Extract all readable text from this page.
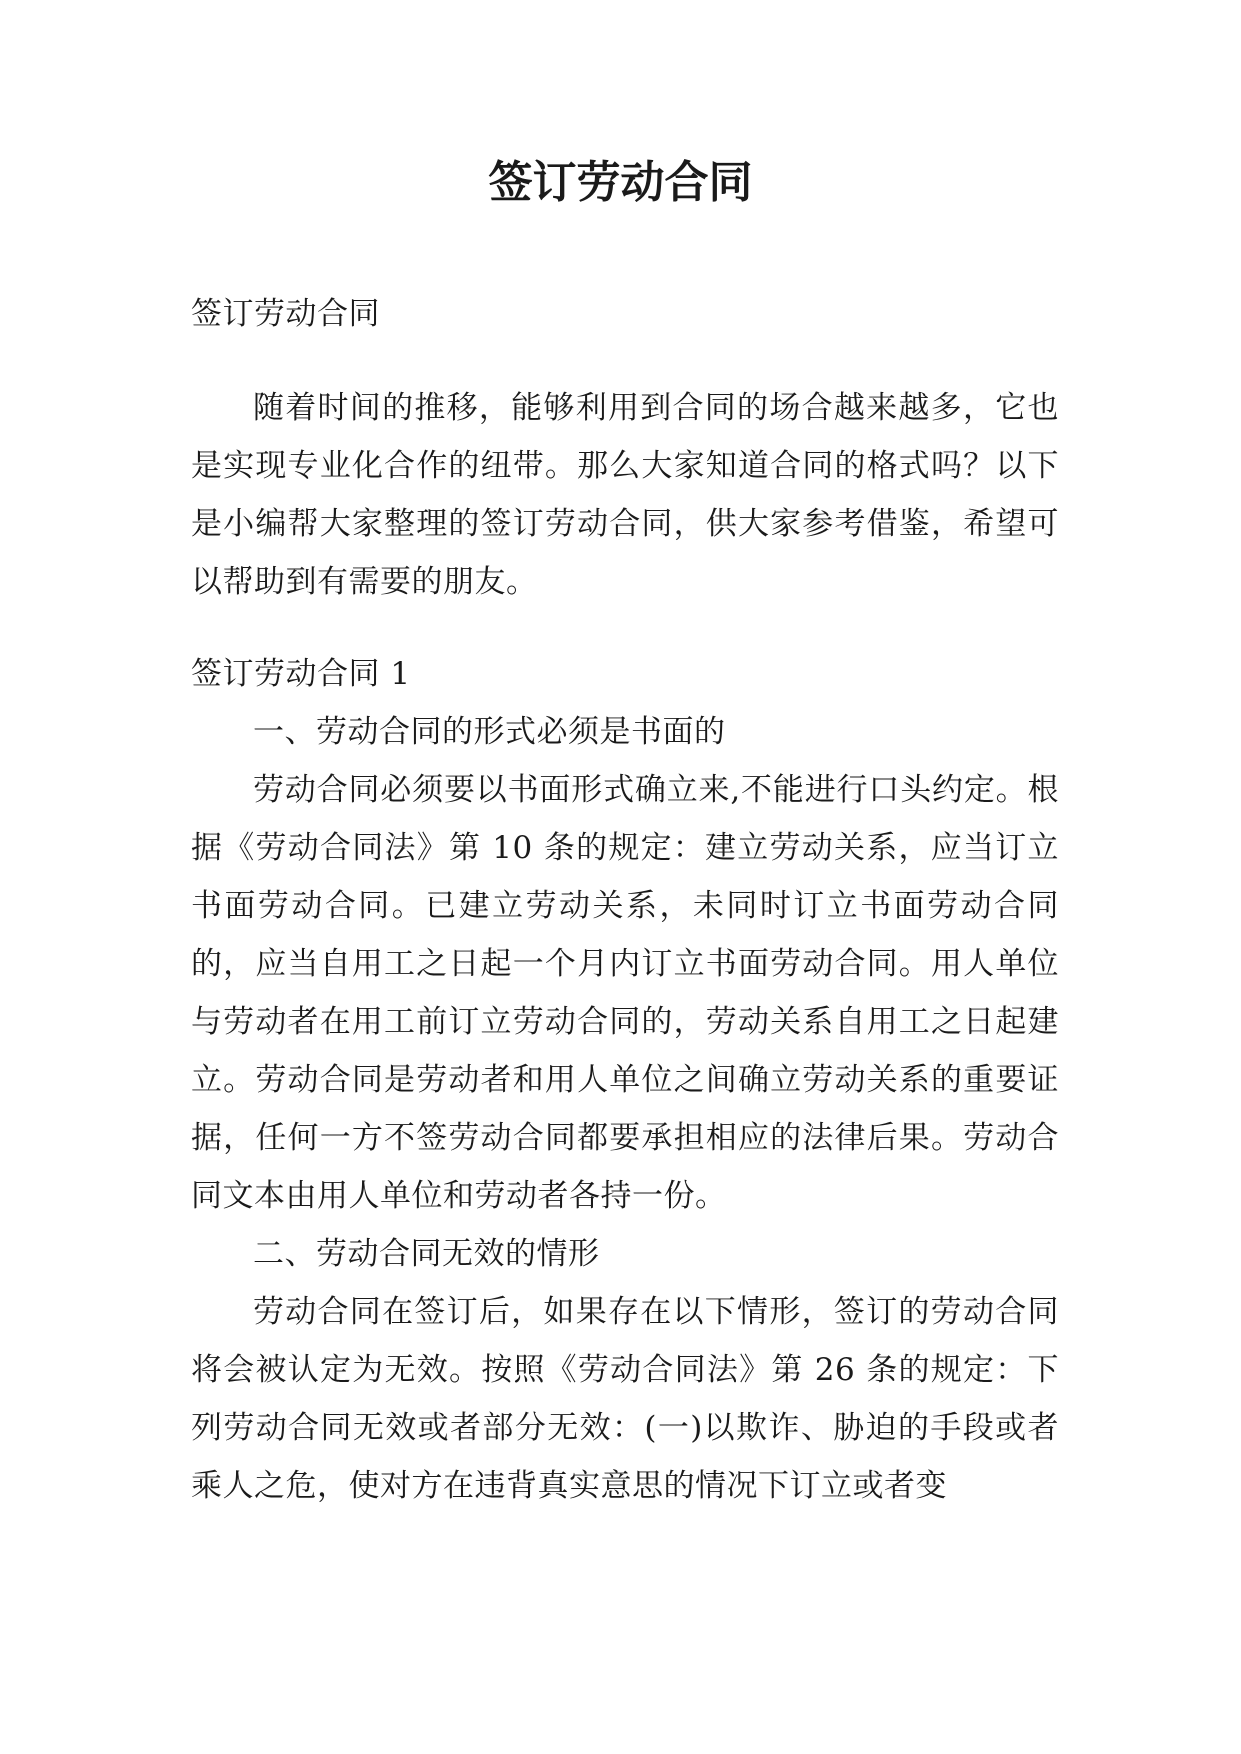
签订劳动合同

签订劳动合同

随着时间的推移，能够利用到合同的场合越来越多，它也是实现专业化合作的纽带。那么大家知道合同的格式吗？以下是小编帮大家整理的签订劳动合同，供大家参考借鉴，希望可以帮助到有需要的朋友。

签订劳动合同 1

一、劳动合同的形式必须是书面的

劳动合同必须要以书面形式确立来,不能进行口头约定。根据《劳动合同法》第 10 条的规定：建立劳动关系，应当订立书面劳动合同。已建立劳动关系，未同时订立书面劳动合同的，应当自用工之日起一个月内订立书面劳动合同。用人单位与劳动者在用工前订立劳动合同的，劳动关系自用工之日起建立。劳动合同是劳动者和用人单位之间确立劳动关系的重要证据，任何一方不签劳动合同都要承担相应的法律后果。劳动合同文本由用人单位和劳动者各持一份。

二、劳动合同无效的情形

劳动合同在签订后，如果存在以下情形，签订的劳动合同将会被认定为无效。按照《劳动合同法》第 26 条的规定：下列劳动合同无效或者部分无效：(一)以欺诈、胁迫的手段或者乘人之危，使对方在违背真实意思的情况下订立或者变
